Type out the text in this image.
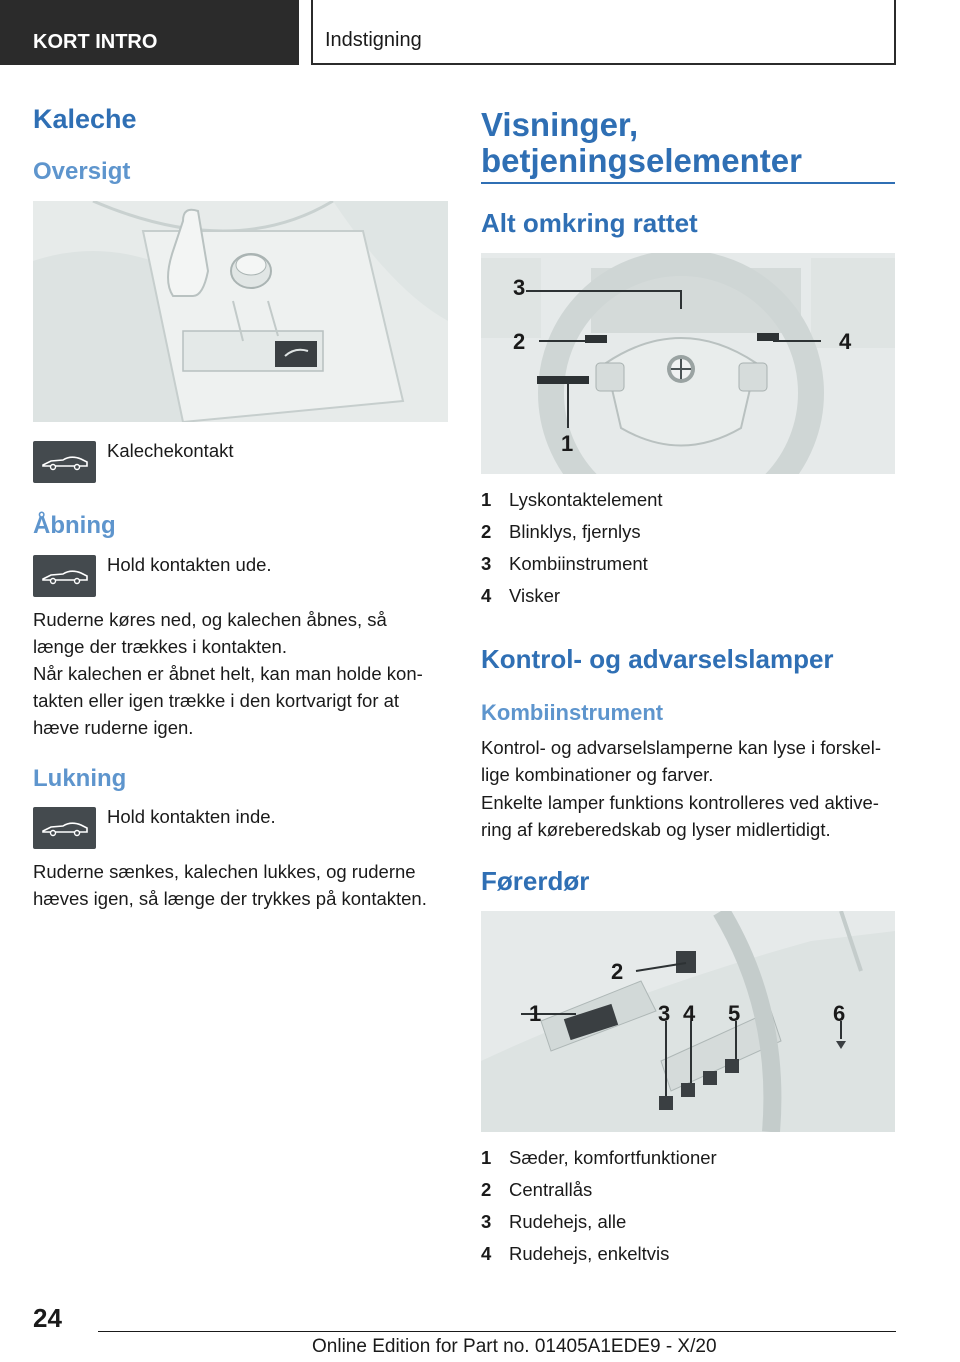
KORT INTRO	Indstigning
Kaleche
Oversigt
Kalechekontakt
Åbning
Hold kontakten ude.
Ruderne køres ned, og kalechen åbnes, så længe der trækkes i kontakten.
Når kalechen er åbnet helt, kan man holde kontakten eller igen trække i den kortvarigt for at hæve ruderne igen.
Lukning
Hold kontakten inde.
Ruderne sænkes, kalechen lukkes, og ruderne hæves igen, så længe der trykkes på kontakten.
Visninger,
betjeningselementer
Alt omkring rattet
3
2	4
1
1 Lyskontaktelement
2 Blinklys, fjernlys
3 Kombiinstrument
4 Visker
Kontrol- og advarselslamper
Kombiinstrument
Kontrol- og advarselslamperne kan lyse i forskellige kombinationer og farver.
Enkelte lamper funktions kontrolleres ved aktivering af køreberedskab og lyser midlertidigt.
Førerdør
2
1	3 4 5	6
1 Sæder, komfortfunktioner
2 Centrallås
3 Rudehejs, alle
4 Rudehejs, enkeltvis
24
Online Edition for Part no. 01405A1EDE9 - X/20
